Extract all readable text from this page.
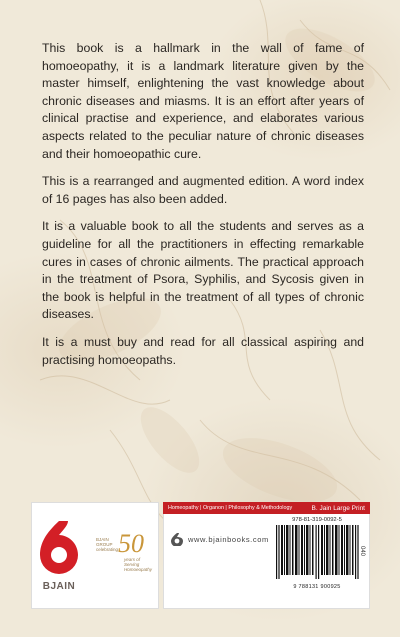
This book is a hallmark in the wall of fame of homoeopathy, it is a landmark literature given by the master himself, enlightening the vast knowledge about chronic diseases and miasms. It is an effort after years of clinical practise and experience, and elaborates various aspects related to the peculiar nature of chronic diseases and their homoeopathic cure.

This is a rearranged and augmented edition. A word index of 16 pages has also been added.

It is a valuable book to all the students and serves as a guideline for all the practitioners in effecting remarkable cures in cases of chronic ailments. The practical approach in the treatment of Psora, Syphilis, and Sycosis given in the book is helpful in the treatment of all types of chronic diseases.

It is a must buy and read for all classical aspiring and practising homoeopaths.

BJAIN
BJAIN GROUP celebrating 50
years of Serving Homoeopathy
Homeopathy | Organon | Philosophy & Methodology	B. Jain Large Print
www.bjainbooks.com
978-81-319-0092-5
9 788131 900925
040
